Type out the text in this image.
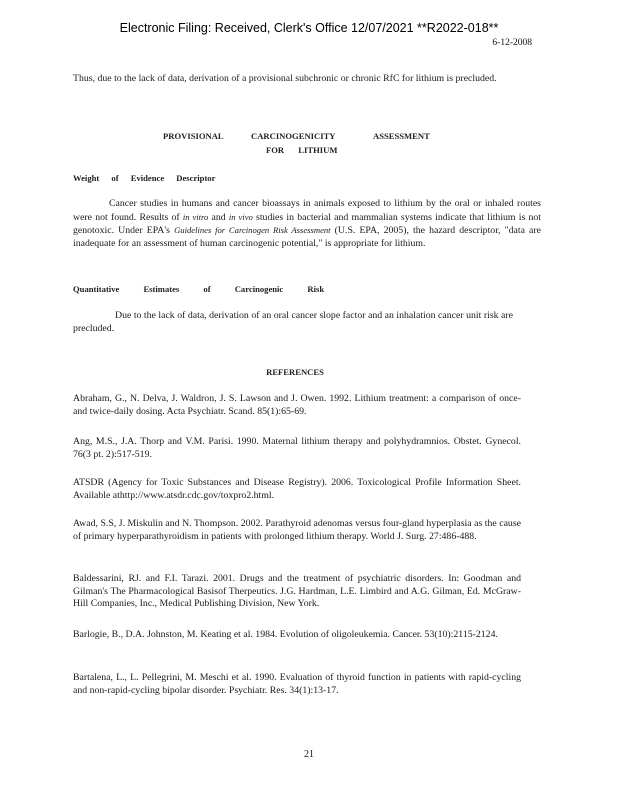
Electronic Filing: Received, Clerk's Office 12/07/2021 **R2022-018**
6-12-2008
Thus, due to the lack of data, derivation of a provisional subchronic or chronic RfC for lithium is precluded.
PROVISIONAL	CARCINOGENICITY	ASSESSMENT
FOR LITHIUM
Weight of Evidence Descriptor
Cancer studies in humans and cancer bioassays in animals exposed to lithium by the oral or inhaled routes were not found. Results of in vitro and in vivo studies in bacterial and mammalian systems indicate that lithium is not genotoxic. Under EPA's Guidelines for Carcinogen Risk Assessment (U.S. EPA, 2005), the hazard descriptor, "data are inadequate for an assessment of human carcinogenic potential," is appropriate for lithium.
Quantitative Estimates of Carcinogenic Risk
Due to the lack of data, derivation of an oral cancer slope factor and an inhalation cancer unit risk are precluded.
REFERENCES
Abraham, G., N. Delva, J. Waldron, J. S. Lawson and J. Owen. 1992. Lithium treatment: a comparison of once- and twice-daily dosing. Acta Psychiatr. Scand. 85(1):65-69.
Ang, M.S., J.A. Thorp and V.M. Parisi. 1990. Maternal lithium therapy and polyhydramnios. Obstet. Gynecol. 76(3 pt. 2):517-519.
ATSDR (Agency for Toxic Substances and Disease Registry). 2006. Toxicological Profile Information Sheet. Available athttp://www.atsdr.cdc.gov/toxpro2.html.
Awad, S.S, J. Miskulin and N. Thompson. 2002. Parathyroid adenomas versus four-gland hyperplasia as the cause of primary hyperparathyroidism in patients with prolonged lithium therapy. World J. Surg. 27:486-488.
Baldessarini, RJ. and F.I. Tarazi. 2001. Drugs and the treatment of psychiatric disorders. In: Goodman and Gilman's The Pharmacological Basisof Therpeutics. J.G. Hardman, L.E. Limbird and A.G. Gilman, Ed. McGraw-Hill Companies, Inc., Medical Publishing Division, New York.
Barlogie, B., D.A. Johnston, M. Keating et al. 1984. Evolution of oligoleukemia. Cancer. 53(10):2115-2124.
Bartalena, L., L. Pellegrini, M. Meschi et al. 1990. Evaluation of thyroid function in patients with rapid-cycling and non-rapid-cycling bipolar disorder. Psychiatr. Res. 34(1):13-17.
21
